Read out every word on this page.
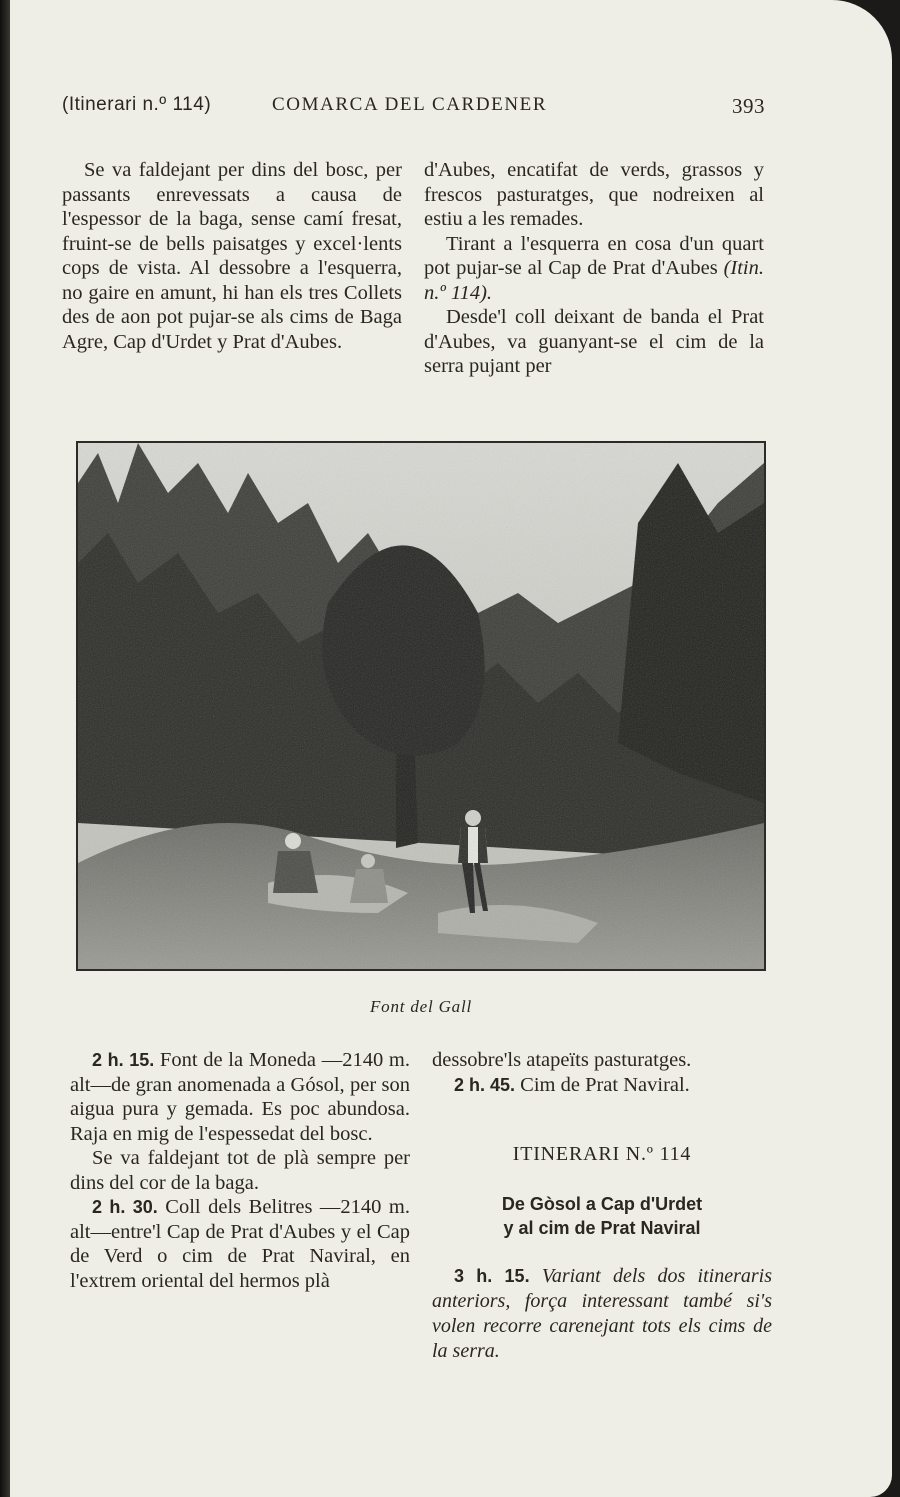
(Itinerari n.º 114)	COMARCA DEL CARDENER	393

Se va faldejant per dins del bosc, per passants enrevessats a causa de l'espessor de la baga, sense camí fresat, fruint-se de bells paisatges y excel·lents cops de vista. Al dessobre a l'esquerra, no gaire en amunt, hi han els tres Collets des de aon pot pujar-se als cims de Baga Agre, Cap d'Urdet y Prat d'Aubes.

d'Aubes, encatifat de verds, grassos y frescos pasturatges, que nodreixen al estiu a les remades.

Tirant a l'esquerra en cosa d'un quart pot pujar-se al Cap de Prat d'Aubes (Itin. n.º 114).

Desde'l coll deixant de banda el Prat d'Aubes, va guanyant-se el cim de la serra pujant per

Font del Gall

2 h. 15. Font de la Moneda —2140 m. alt—de gran anomenada a Gósol, per son aigua pura y gemada. Es poc abundosa. Raja en mig de l'espessedat del bosc.

Se va faldejant tot de plà sempre per dins del cor de la baga.

2 h. 30. Coll dels Belitres —2140 m. alt—entre'l Cap de Prat d'Aubes y el Cap de Verd o cim de Prat Naviral, en l'extrem oriental del hermos plà

dessobre'ls atapeïts pasturatges.

2 h. 45. Cim de Prat Naviral.

ITINERARI N.º 114
De Gòsol a Cap d'Urdet
y al cim de Prat Naviral
3 h. 15. Variant dels dos itineraris anteriors, força interessant també si's volen recorre carenejant tots els cims de la serra.
